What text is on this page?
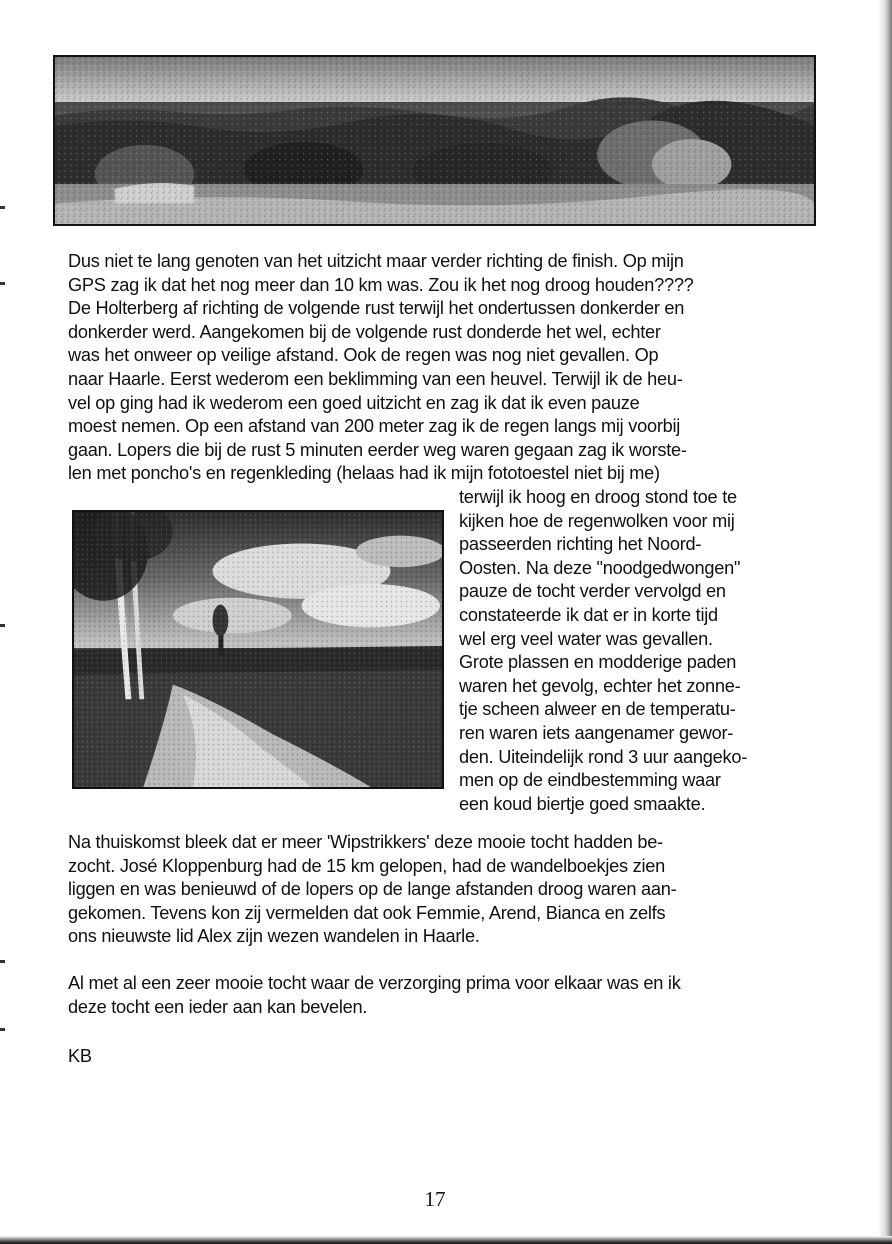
Dus niet te lang genoten van het uitzicht maar verder richting de finish. Op mijn
GPS zag ik dat het nog meer dan 10 km was. Zou ik het nog droog houden????
De Holterberg af richting de volgende rust terwijl het ondertussen donkerder en
donkerder werd. Aangekomen bij de volgende rust donderde het wel, echter
was het onweer op veilige afstand. Ook de regen was nog niet gevallen. Op
naar Haarle. Eerst wederom een beklimming van een heuvel. Terwijl ik de heu-
vel op ging had ik wederom een goed uitzicht en zag ik dat ik even pauze
moest nemen. Op een afstand van 200 meter zag ik de regen langs mij voorbij
gaan. Lopers die bij de rust 5 minuten eerder weg waren gegaan zag ik worste-
len met poncho's en regenkleding (helaas had ik mijn fototoestel niet bij me)
terwijl ik hoog en droog stond toe te
kijken hoe de regenwolken voor mij
passeerden richting het Noord-
Oosten. Na deze "noodgedwongen"
pauze de tocht verder vervolgd en
constateerde ik dat er in korte tijd
wel erg veel water was gevallen.
Grote plassen en modderige paden
waren het gevolg, echter het zonne-
tje scheen alweer en de temperatu-
ren waren iets aangenamer gewor-
den. Uiteindelijk rond 3 uur aangeko-
men op de eindbestemming waar
een koud biertje goed smaakte.
Na thuiskomst bleek dat er meer 'Wipstrikkers' deze mooie tocht hadden be-
zocht. José Kloppenburg had de 15 km gelopen, had de wandelboekjes zien
liggen en was benieuwd of de lopers op de lange afstanden droog waren aan-
gekomen. Tevens kon zij vermelden dat ook Femmie, Arend, Bianca en zelfs
ons nieuwste lid Alex zijn wezen wandelen in Haarle.
Al met al een zeer mooie tocht waar de verzorging prima voor elkaar was en ik
deze tocht een ieder aan kan bevelen.
KB
17
